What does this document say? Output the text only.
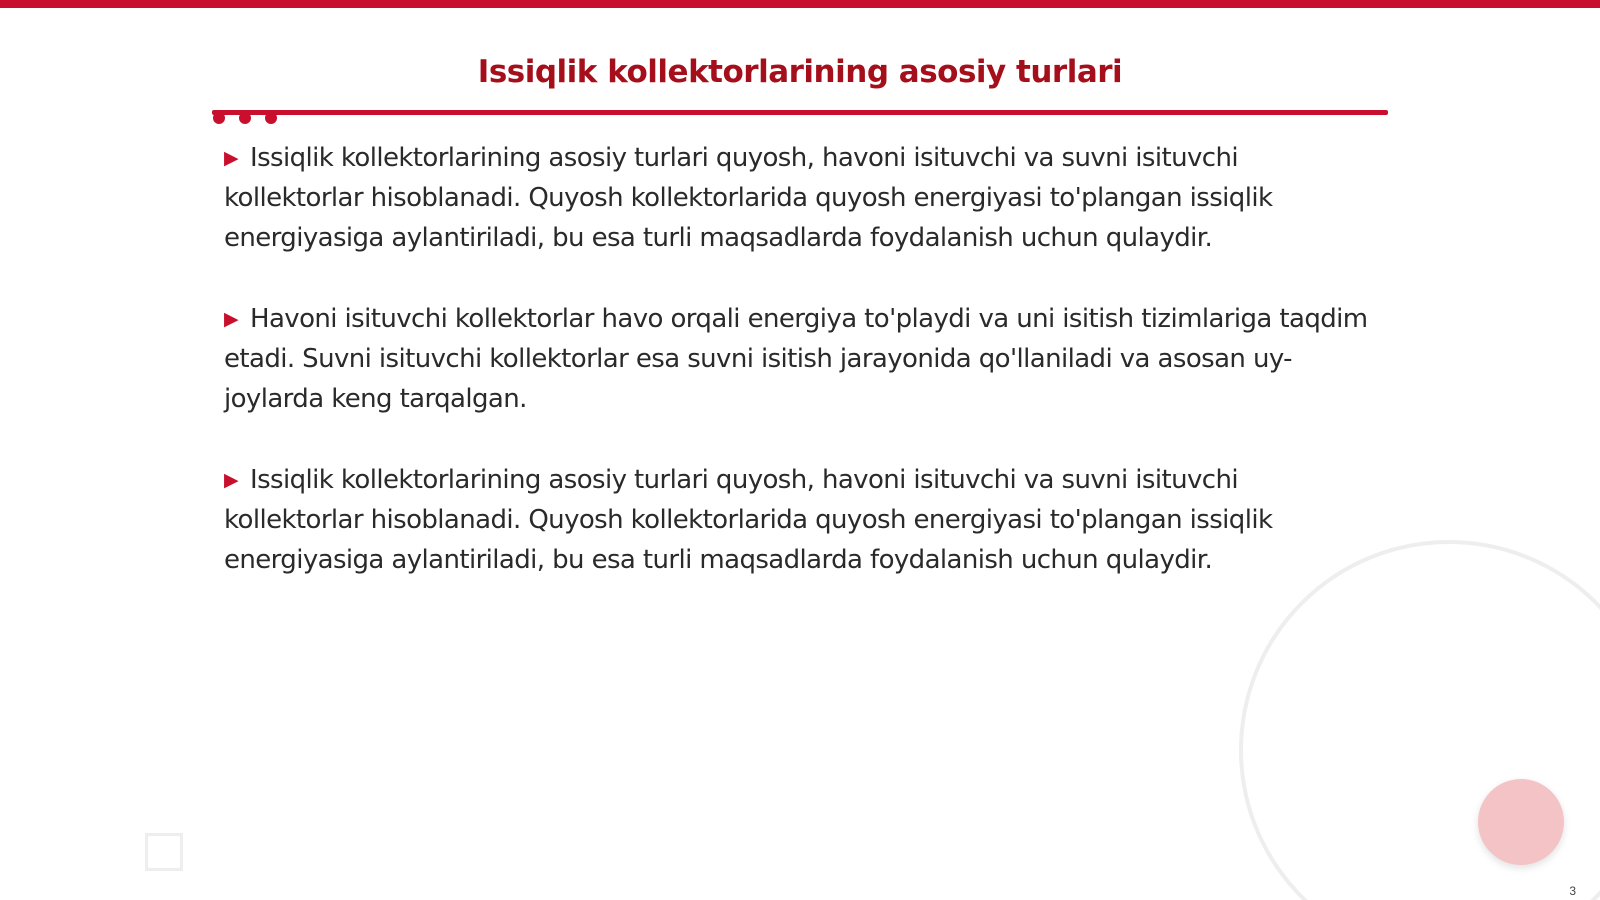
Issiqlik kollektorlarining asosiy turlari

▶ Issiqlik kollektorlarining asosiy turlari quyosh, havoni isituvchi va suvni isituvchi kollektorlar hisoblanadi. Quyosh kollektorlarida quyosh energiyasi to'plangan issiqlik energiyasiga aylantiriladi, bu esa turli maqsadlarda foydalanish uchun qulaydir.

▶ Havoni isituvchi kollektorlar havo orqali energiya to'playdi va uni isitish tizimlariga taqdim etadi. Suvni isituvchi kollektorlar esa suvni isitish jarayonida qo'llaniladi va asosan uy-joylarda keng tarqalgan.

▶ Issiqlik kollektorlarining asosiy turlari quyosh, havoni isituvchi va suvni isituvchi kollektorlar hisoblanadi. Quyosh kollektorlarida quyosh energiyasi to'plangan issiqlik energiyasiga aylantiriladi, bu esa turli maqsadlarda foydalanish uchun qulaydir.

3
